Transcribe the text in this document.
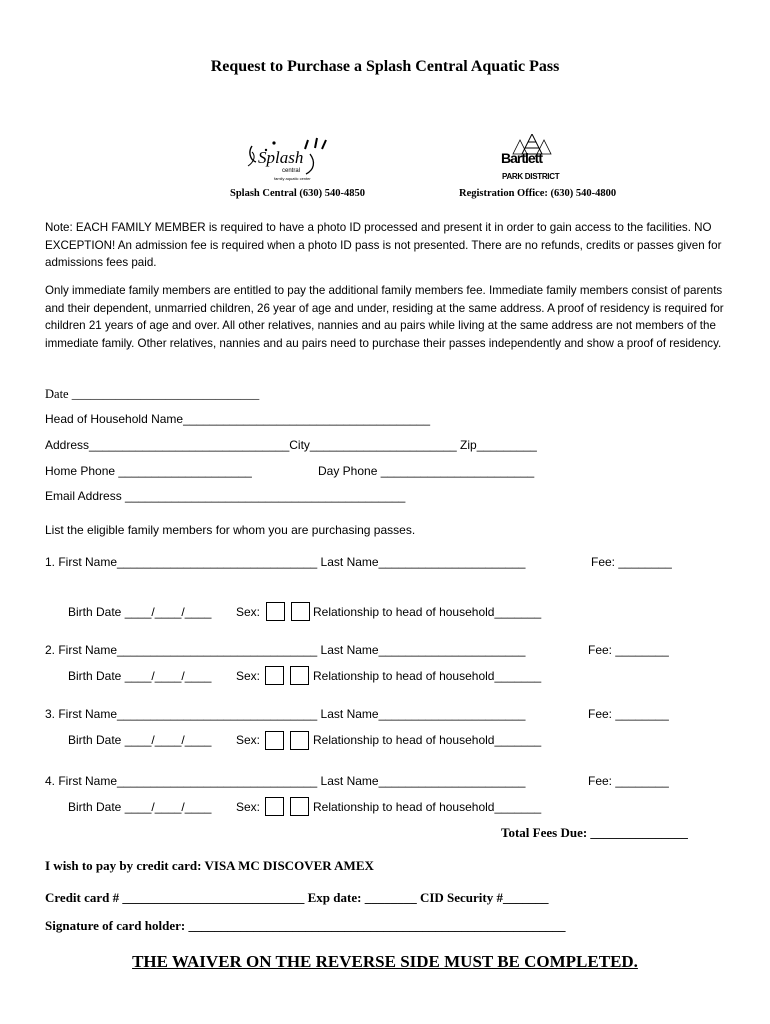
Request to Purchase a Splash Central Aquatic Pass
Splash
central
family aquatic center
Splash Central (630) 540-4850
Bartlett
PARK DISTRICT
Registration Office: (630) 540-4800
Note: EACH FAMILY MEMBER is required to have a photo ID processed and present it in order to gain access to the facilities. NO EXCEPTION! An admission fee is required when a photo ID pass is not presented. There are no refunds, credits or passes given for admissions fees paid.
Only immediate family members are entitled to pay the additional family members fee. Immediate family members consist of parents and their dependent, unmarried children, 26 year of age and under, residing at the same address. A proof of residency is required for children 21 years of age and over. All other relatives, nannies and au pairs while living at the same address are not members of the immediate family. Other relatives, nannies and au pairs need to purchase their passes independently and show a proof of residency.
Date ______________________________
Head of Household Name_____________________________________
Address______________________________City______________________ Zip_________
Home Phone ____________________	Day Phone _______________________
Email Address __________________________________________
List the eligible family members for whom you are purchasing passes.
1. First Name______________________________ Last Name______________________	Fee: ________
Birth Date ____/____/____ Sex:	Relationship to head of household_______
2. First Name______________________________ Last Name______________________	Fee: ________
Birth Date ____/____/____ Sex:	Relationship to head of household_______
3. First Name______________________________ Last Name______________________	Fee: ________
Birth Date ____/____/____ Sex:	Relationship to head of household_______
4. First Name______________________________ Last Name______________________	Fee: ________
Birth Date ____/____/____ Sex:	Relationship to head of household_______
Total Fees Due: _______________
I wish to pay by credit card: VISA MC DISCOVER AMEX
Credit card # ____________________________ Exp date: ________ CID Security #_______
Signature of card holder: __________________________________________________________
THE WAIVER ON THE REVERSE SIDE MUST BE COMPLETED.
